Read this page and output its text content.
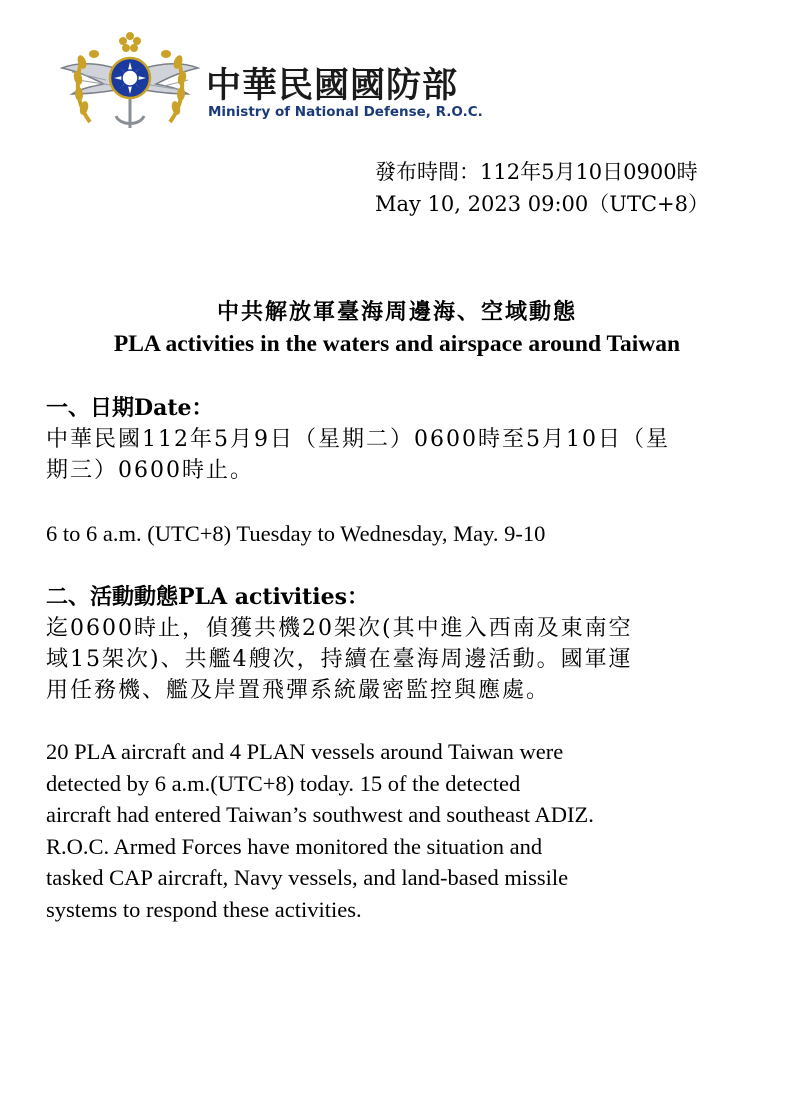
中華民國國防部
Ministry of National Defense, R.O.C.
發布時間：112年5月10日0900時
May 10, 2023 09:00（UTC+8）
中共解放軍臺海周邊海、空域動態
PLA activities in the waters and airspace around Taiwan
一、日期Date：
中華民國112年5月9日（星期二）0600時至5月10日（星
期三）0600時止。
6 to 6 a.m. (UTC+8) Tuesday to Wednesday, May. 9-10
二、活動動態PLA activities：
迄0600時止，偵獲共機20架次(其中進入西南及東南空
域15架次)、共艦4艘次，持續在臺海周邊活動。國軍運
用任務機、艦及岸置飛彈系統嚴密監控與應處。
20 PLA aircraft and 4 PLAN vessels around Taiwan were
detected by 6 a.m.(UTC+8) today. 15 of the detected
aircraft had entered Taiwan’s southwest and southeast ADIZ.
R.O.C. Armed Forces have monitored the situation and
tasked CAP aircraft, Navy vessels, and land-based missile
systems to respond these activities.
